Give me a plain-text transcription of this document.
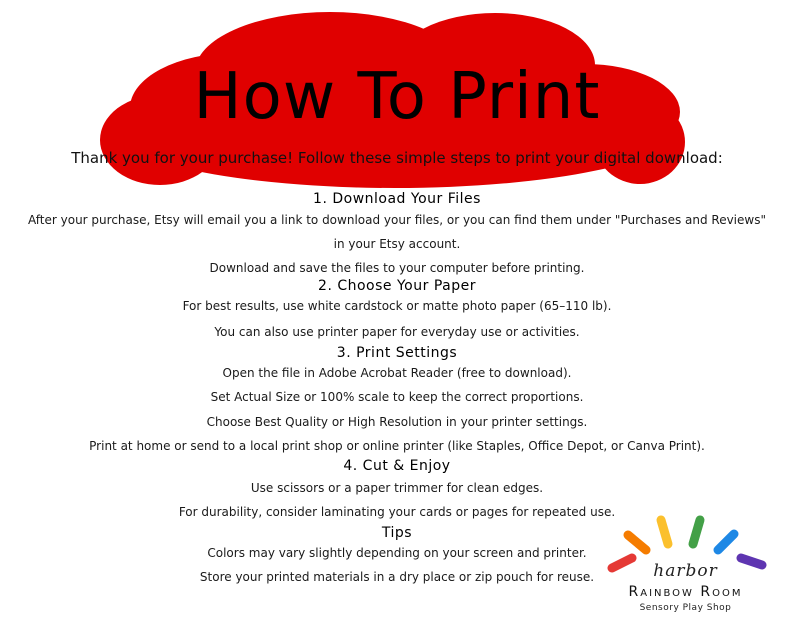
How To Print
Thank you for your purchase! Follow these simple steps to print your digital download:
1. Download Your Files
After your purchase, Etsy will email you a link to download your files, or you can find them under "Purchases and Reviews"
in your Etsy account.
Download and save the files to your computer before printing.
2. Choose Your Paper
For best results, use white cardstock or matte photo paper (65–110 lb).
You can also use printer paper for everyday use or activities.
3. Print Settings
Open the file in Adobe Acrobat Reader (free to download).
Set Actual Size or 100% scale to keep the correct proportions.
Choose Best Quality or High Resolution in your printer settings.
Print at home or send to a local print shop or online printer (like Staples, Office Depot, or Canva Print).
4. Cut & Enjoy
Use scissors or a paper trimmer for clean edges.
For durability, consider laminating your cards or pages for repeated use.
Tips
Colors may vary slightly depending on your screen and printer.
Store your printed materials in a dry place or zip pouch for reuse.	harbor
Rainbow Room
Sensory Play Shop
